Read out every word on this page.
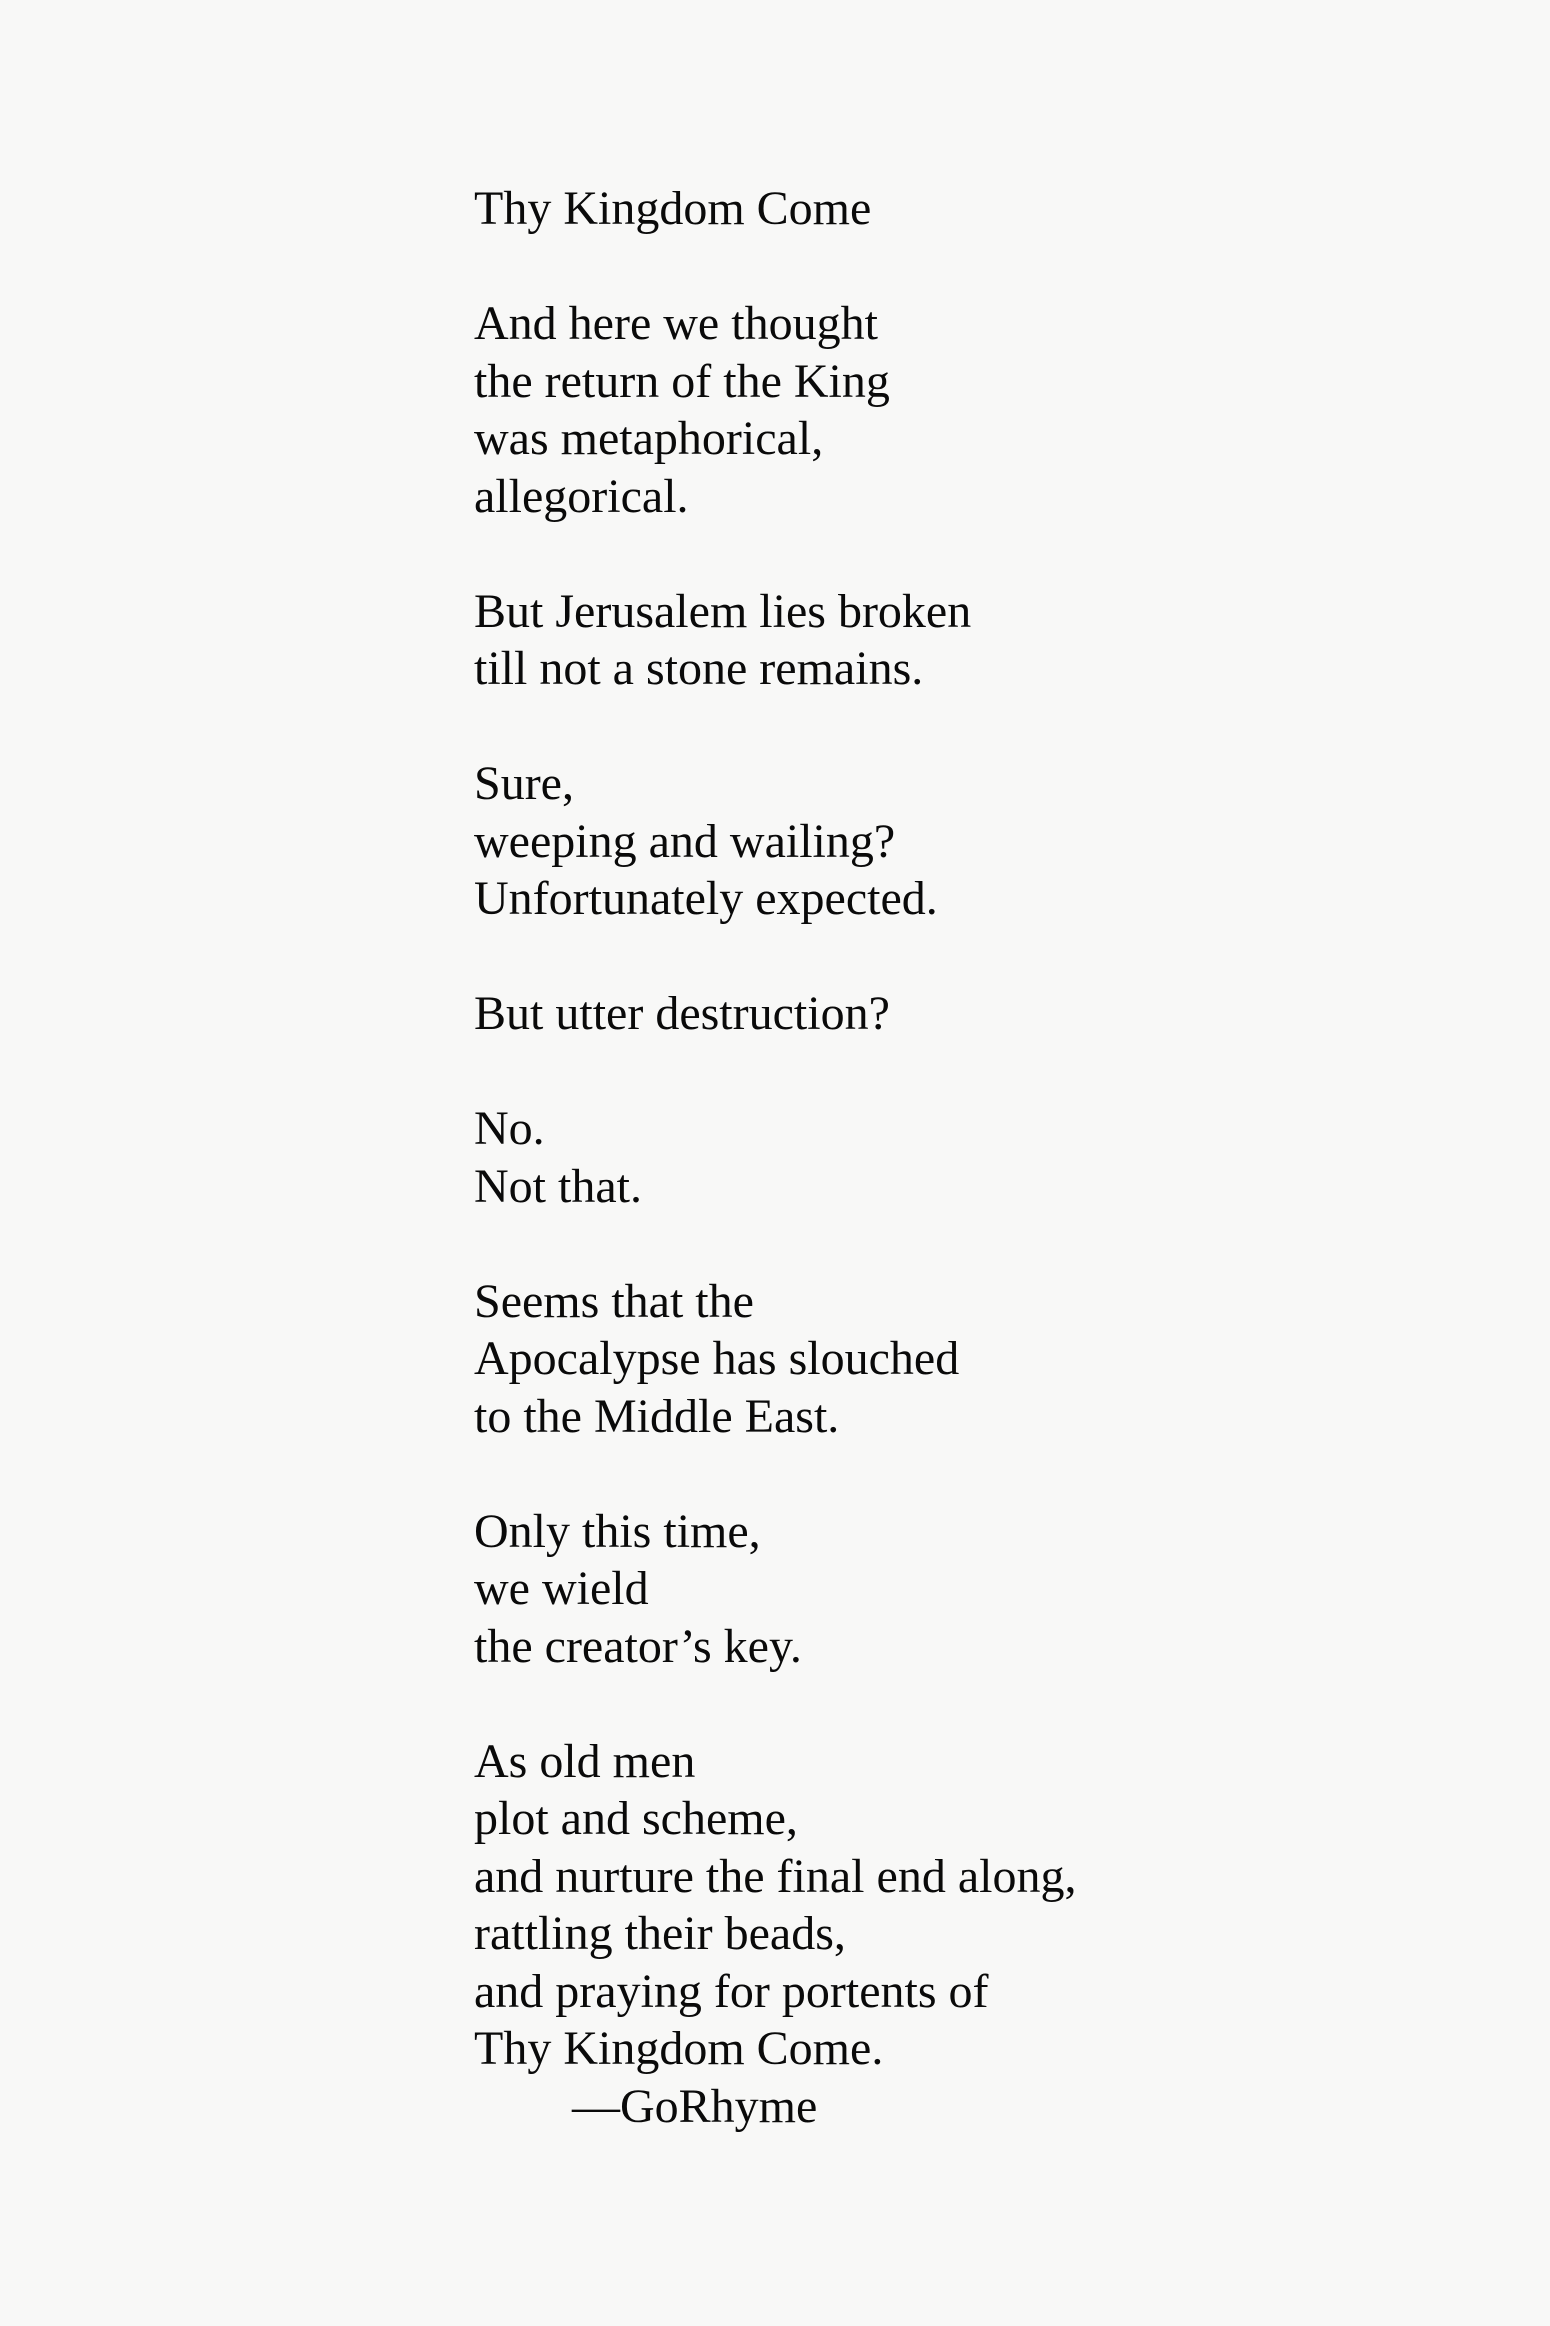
Thy Kingdom Come
And here we thought
the return of the King
was metaphorical,
allegorical.
But Jerusalem lies broken
till not a stone remains.
Sure,
weeping and wailing?
Unfortunately expected.
But utter destruction?
No.
Not that.
Seems that the
Apocalypse has slouched
to the Middle East.
Only this time,
we wield
the creator’s key.
As old men
plot and scheme,
and nurture the final end along,
rattling their beads,
and praying for portents of
Thy Kingdom Come.
—GoRhyme
